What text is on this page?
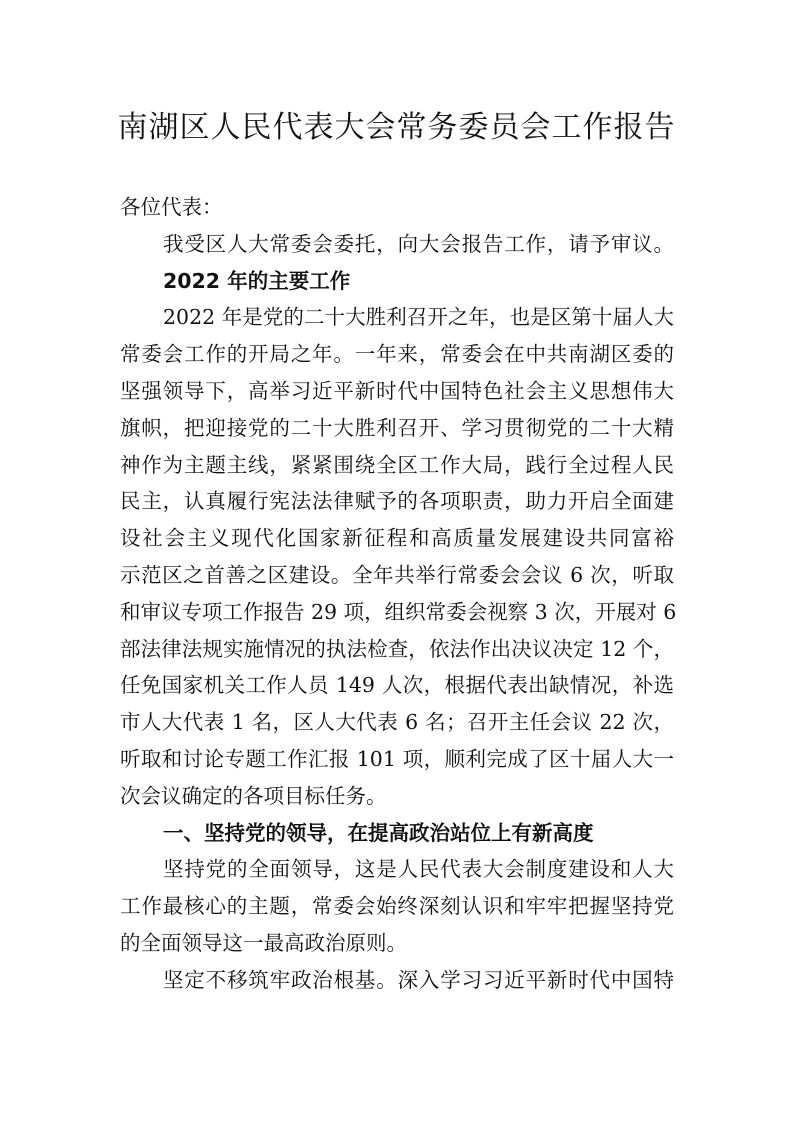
南湖区人民代表大会常务委员会工作报告
各位代表：
我受区人大常委会委托，向大会报告工作，请予审议。
2022 年的主要工作
2022 年是党的二十大胜利召开之年，也是区第十届人大
常委会工作的开局之年。一年来，常委会在中共南湖区委的
坚强领导下，高举习近平新时代中国特色社会主义思想伟大
旗帜，把迎接党的二十大胜利召开、学习贯彻党的二十大精
神作为主题主线，紧紧围绕全区工作大局，践行全过程人民
民主，认真履行宪法法律赋予的各项职责，助力开启全面建
设社会主义现代化国家新征程和高质量发展建设共同富裕
示范区之首善之区建设。全年共举行常委会会议 6 次，听取
和审议专项工作报告 29 项，组织常委会视察 3 次，开展对 6
部法律法规实施情况的执法检查，依法作出决议决定 12 个，
任免国家机关工作人员 149 人次，根据代表出缺情况，补选
市人大代表 1 名，区人大代表 6 名；召开主任会议 22 次，
听取和讨论专题工作汇报 101 项，顺利完成了区十届人大一
次会议确定的各项目标任务。
一、坚持党的领导，在提高政治站位上有新高度
坚持党的全面领导，这是人民代表大会制度建设和人大
工作最核心的主题，常委会始终深刻认识和牢牢把握坚持党
的全面领导这一最高政治原则。
坚定不移筑牢政治根基。深入学习习近平新时代中国特
